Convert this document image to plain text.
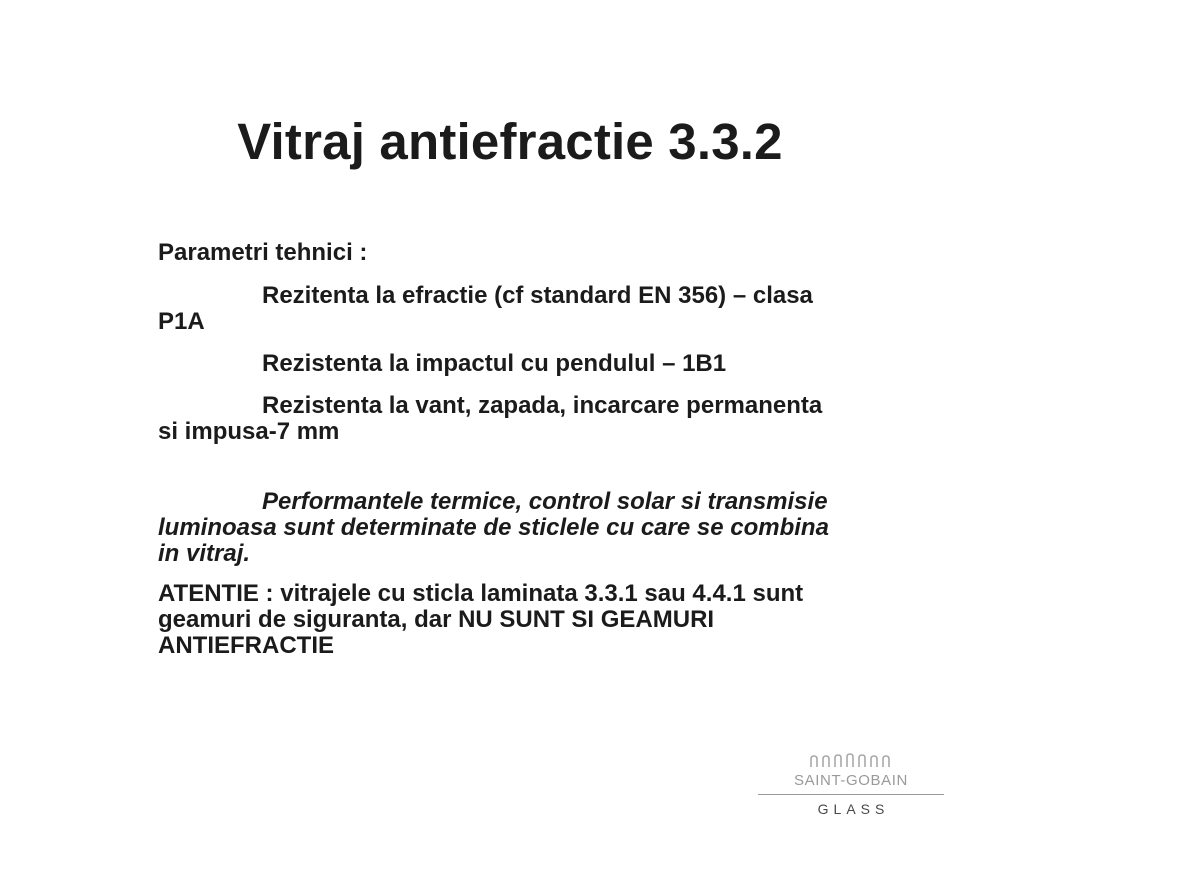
Vitraj antiefractie 3.3.2

Parametri tehnici :

Rezitenta la efractie (cf standard EN 356) – clasa P1A

Rezistenta la impactul cu pendulul – 1B1

Rezistenta la vant, zapada, incarcare permanenta si impusa-7 mm

Performantele termice, control solar si transmisie luminoasa sunt determinate de sticlele cu care se combina in vitraj.

ATENTIE : vitrajele cu sticla laminata 3.3.1 sau 4.4.1 sunt geamuri de siguranta, dar NU SUNT SI GEAMURI ANTIEFRACTIE

SAINT-GOBAIN
GLASS
